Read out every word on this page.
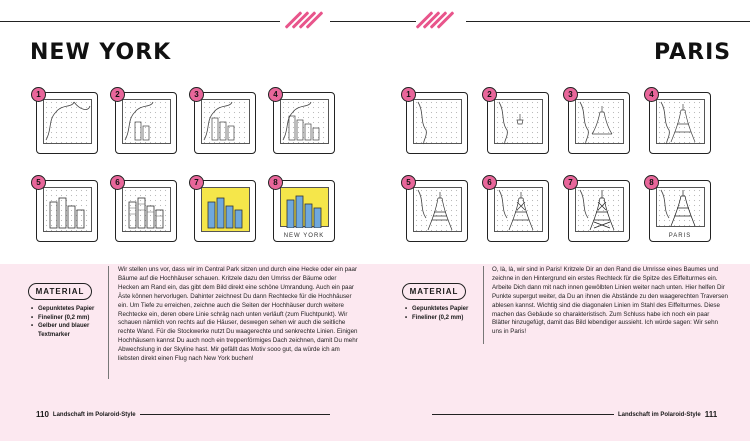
NEW YORK	PARIS
1	2	3	4
5	6	7
NEW YORK
8
1	2	3	4
5	6	7
PARIS
8
MATERIAL
• Gepunktetes Papier
• Fineliner (0,2 mm)
• Gelber und blauer Textmarker
Wir stellen uns vor, dass wir im Central Park sitzen und durch eine Hecke oder ein paar Bäume auf die Hochhäuser schauen. Kritzele dazu den Umriss der Bäume oder Hecken am Rand ein, das gibt dem Bild direkt eine schöne Umrandung. Auch ein paar Äste können hervorlugen. Dahinter zeichnest Du dann Rechtecke für die Hochhäuser ein. Um Tiefe zu erreichen, zeichne auch die Seiten der Hochhäuser durch weitere Rechtecke ein, deren obere Linie schräg nach unten verläuft (zum Fluchtpunkt). Wir schauen nämlich von rechts auf die Häuser, deswegen sehen wir auch die seitliche rechte Wand. Für die Stockwerke nutzt Du waagerechte und senkrechte Linien. Einigen Hochhäusern kannst Du auch noch ein treppenförmiges Dach zeichnen, damit Du mehr Abwechslung in der Skyline hast. Mir gefällt das Motiv sooo gut, da würde ich am liebsten direkt einen Flug nach New York buchen!
MATERIAL
• Gepunktetes Papier
• Fineliner (0,2 mm)
O, là, là, wir sind in Paris! Kritzele Dir an den Rand die Umrisse eines Baumes und zeichne in den Hintergrund ein erstes Rechteck für die Spitze des Eiffelturmes ein. Arbeite Dich dann mit nach innen gewölbten Linien weiter nach unten. Hier helfen Dir Punkte supergut weiter, da Du an ihnen die Abstände zu den waagerechten Traversen ablesen kannst. Wichtig sind die diagonalen Linien im Stahl des Eiffelturmes. Diese machen das Gebäude so charakteristisch. Zum Schluss habe ich noch ein paar Blätter hinzugefügt, damit das Bild lebendiger aussieht. Ich würde sagen: Wir sehn uns in Paris!
110 Landschaft im Polaroid-Style	Landschaft im Polaroid-Style 111
